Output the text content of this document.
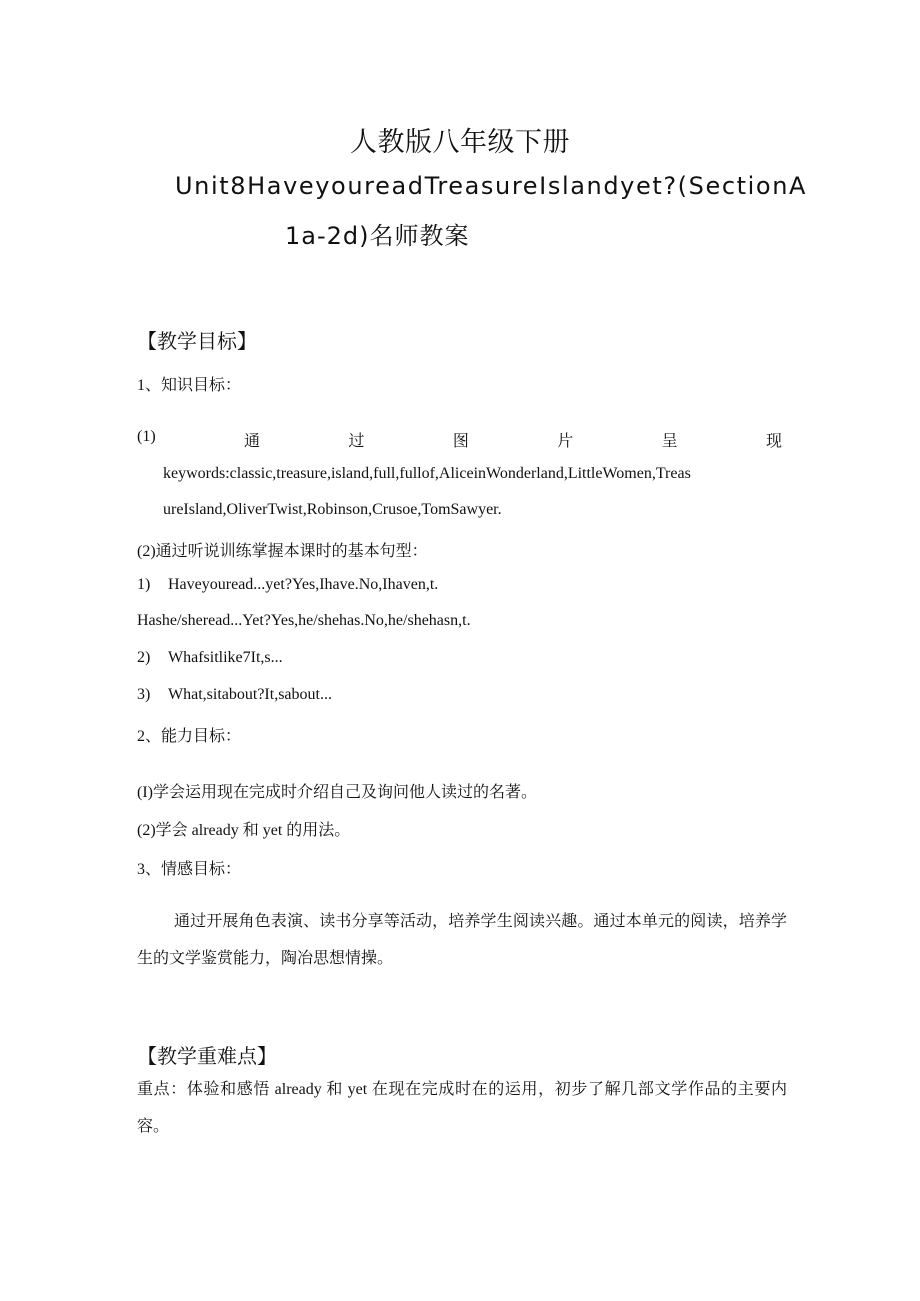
人教版八年级下册
Unit8HaveyoureadTreasureIslandyet?(SectionA
1a-2d)名师教案
【教学目标】
1、知识目标：
(1)	通	过	图	片	呈	现
keywords:classic,treasure,island,full,fullof,AliceinWonderland,LittleWomen,Treas
ureIsland,OliverTwist,Robinson,Crusoe,TomSawyer.
(2)通过听说训练掌握本课时的基本句型：
1) Haveyouread...yet?Yes,Ihave.No,Ihaven,t.
Hashe/sheread...Yet?Yes,he/shehas.No,he/shehasn,t.
2) Whafsitlike7It,s...
3) What,sitabout?It,sabout...
2、能力目标：
(I)学会运用现在完成时介绍自己及询问他人读过的名著。
(2)学会 already 和 yet 的用法。
3、情感目标：
通过开展角色表演、读书分享等活动，培养学生阅读兴趣。通过本单元的阅读，培养学生的文学鉴赏能力，陶冶思想情操。
【教学重难点】
重点：体验和感悟 already 和 yet 在现在完成时在的运用，初步了解几部文学作品的主要内容。
